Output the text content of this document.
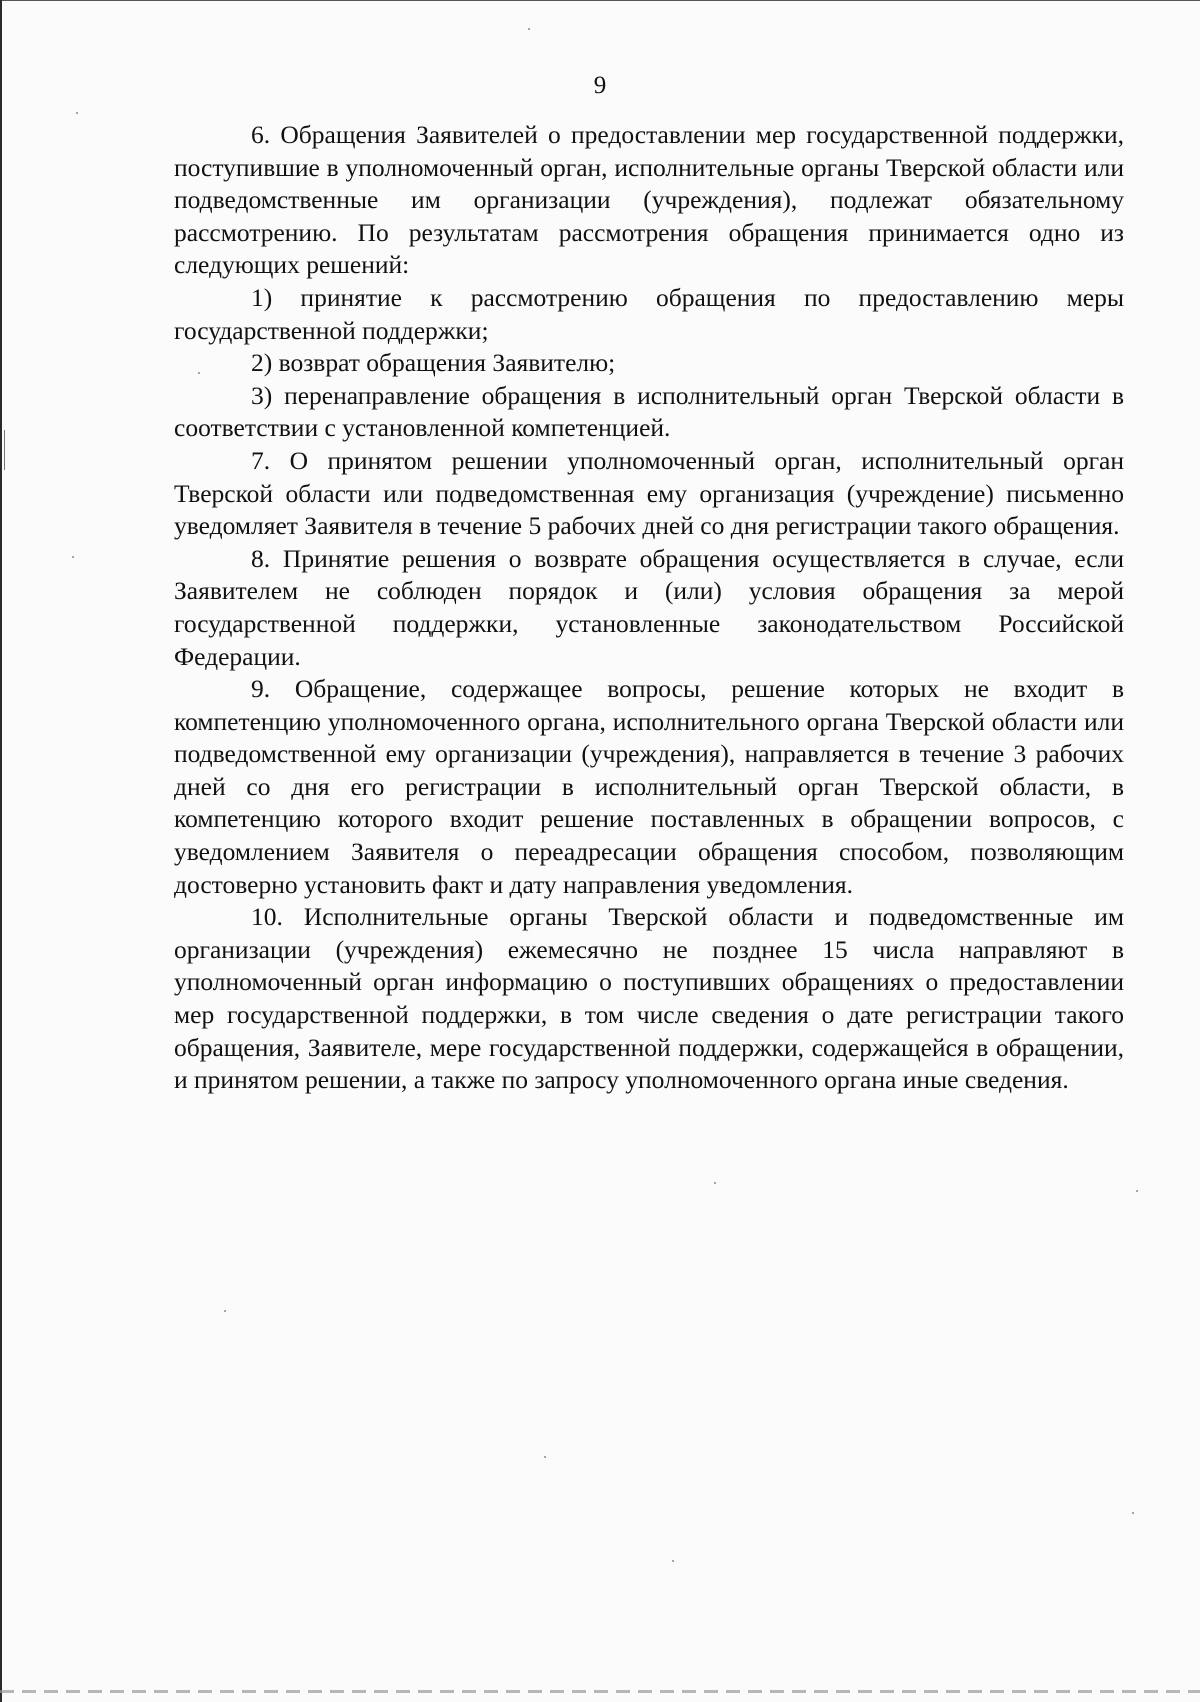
9

6. Обращения Заявителей о предоставлении мер государственной поддержки, поступившие в уполномоченный орган, исполнительные органы Тверской области или подведомственные им организации (учреждения), подлежат обязательному рассмотрению. По результатам рассмотрения обращения принимается одно из следующих решений:

1) принятие к рассмотрению обращения по предоставлению меры государственной поддержки;

2) возврат обращения Заявителю;

3) перенаправление обращения в исполнительный орган Тверской области в соответствии с установленной компетенцией.

7. О принятом решении уполномоченный орган, исполнительный орган Тверской области или подведомственная ему организация (учреждение) письменно уведомляет Заявителя в течение 5 рабочих дней со дня регистрации такого обращения.

8. Принятие решения о возврате обращения осуществляется в случае, если Заявителем не соблюден порядок и (или) условия обращения за мерой государственной поддержки, установленные законодательством Российской Федерации.

9. Обращение, содержащее вопросы, решение которых не входит в компетенцию уполномоченного органа, исполнительного органа Тверской области или подведомственной ему организации (учреждения), направляется в течение 3 рабочих дней со дня его регистрации в исполнительный орган Тверской области, в компетенцию которого входит решение поставленных в обращении вопросов, с уведомлением Заявителя о переадресации обращения способом, позволяющим достоверно установить факт и дату направления уведомления.

10. Исполнительные органы Тверской области и подведомственные им организации (учреждения) ежемесячно не позднее 15 числа направляют в уполномоченный орган информацию о поступивших обращениях о предоставлении мер государственной поддержки, в том числе сведения о дате регистрации такого обращения, Заявителе, мере государственной поддержки, содержащейся в обращении, и принятом решении, а также по запросу уполномоченного органа иные сведения.
